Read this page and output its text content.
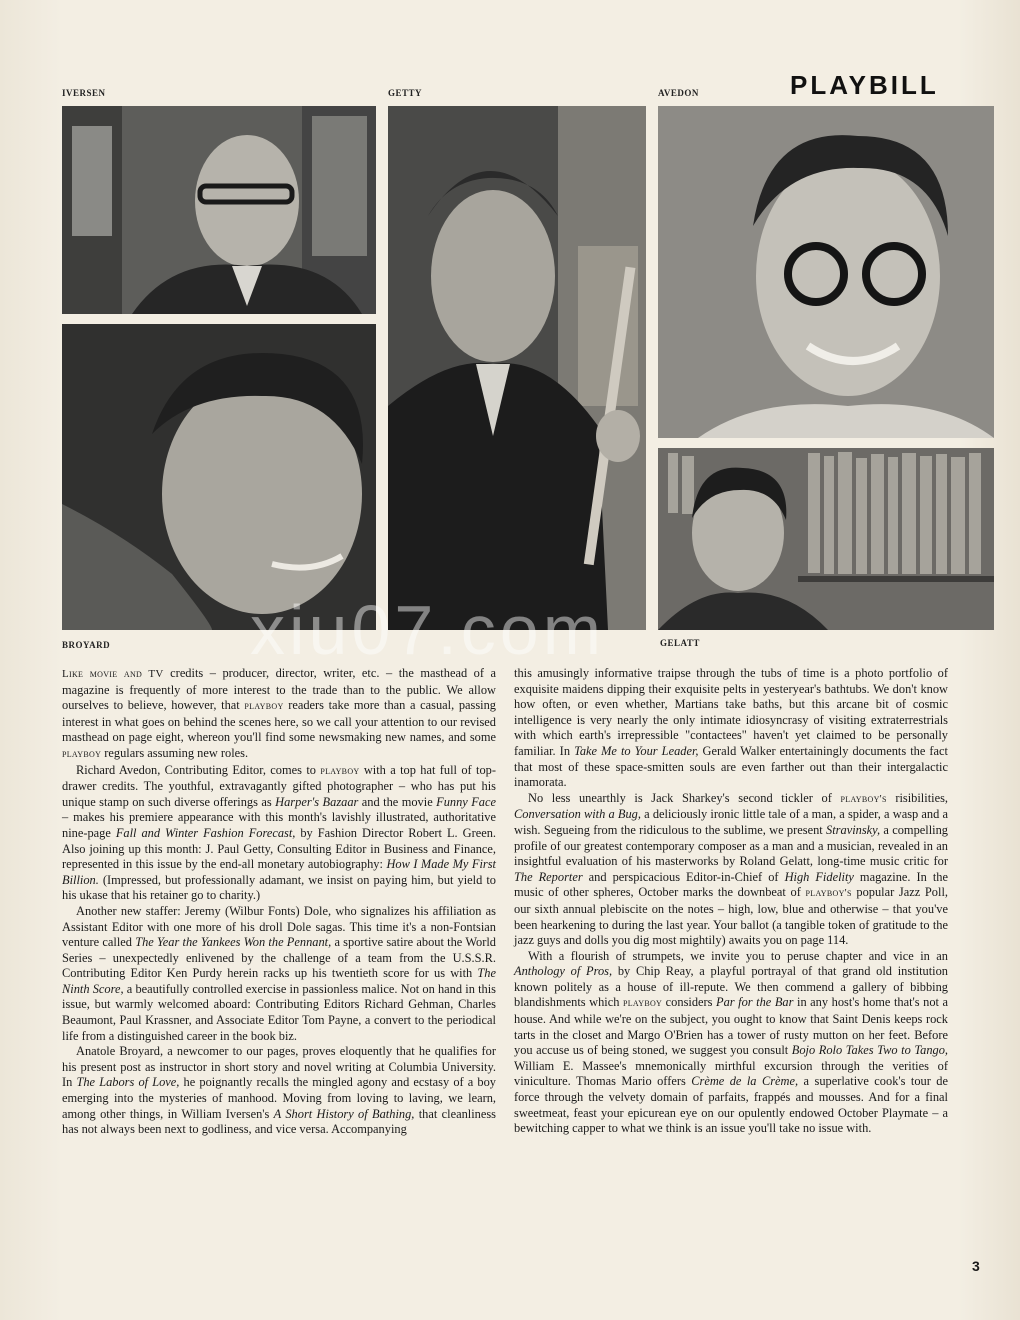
PLAYBILL
IVERSEN	GETTY	AVEDON
BROYARD	GELATT
xiu07.com

Like movie and TV credits – producer, director, writer, etc. – the masthead of a magazine is frequently of more interest to the trade than to the public. We allow ourselves to believe, however, that playboy readers take more than a casual, passing interest in what goes on behind the scenes here, so we call your attention to our revised masthead on page eight, whereon you'll find some newsmaking new names, and some playboy regulars assuming new roles.

Richard Avedon, Contributing Editor, comes to playboy with a top hat full of top-drawer credits. The youthful, extravagantly gifted photographer – who has put his unique stamp on such diverse offerings as Harper's Bazaar and the movie Funny Face – makes his premiere appearance with this month's lavishly illustrated, authoritative nine-page Fall and Winter Fashion Forecast, by Fashion Director Robert L. Green. Also joining up this month: J. Paul Getty, Consulting Editor in Business and Finance, represented in this issue by the end-all monetary autobiography: How I Made My First Billion. (Impressed, but professionally adamant, we insist on paying him, but yield to his ukase that his retainer go to charity.)

Another new staffer: Jeremy (Wilbur Fonts) Dole, who signalizes his affiliation as Assistant Editor with one more of his droll Dole sagas. This time it's a non-Fontsian venture called The Year the Yankees Won the Pennant, a sportive satire about the World Series – unexpectedly enlivened by the challenge of a team from the U.S.S.R. Contributing Editor Ken Purdy herein racks up his twentieth score for us with The Ninth Score, a beautifully controlled exercise in passionless malice. Not on hand in this issue, but warmly welcomed aboard: Contributing Editors Richard Gehman, Charles Beaumont, Paul Krassner, and Associate Editor Tom Payne, a convert to the periodical life from a distinguished career in the book biz.

Anatole Broyard, a newcomer to our pages, proves eloquently that he qualifies for his present post as instructor in short story and novel writing at Columbia University. In The Labors of Love, he poignantly recalls the mingled agony and ecstasy of a boy emerging into the mysteries of manhood. Moving from loving to laving, we learn, among other things, in William Iversen's A Short History of Bathing, that cleanliness has not always been next to godliness, and vice versa. Accompanying

this amusingly informative traipse through the tubs of time is a photo portfolio of exquisite maidens dipping their exquisite pelts in yesteryear's bathtubs. We don't know how often, or even whether, Martians take baths, but this arcane bit of cosmic intelligence is very nearly the only intimate idiosyncrasy of visiting extraterrestrials with which earth's irrepressible "contactees" haven't yet claimed to be personally familiar. In Take Me to Your Leader, Gerald Walker entertainingly documents the fact that most of these space-smitten souls are even farther out than their intergalactic inamorata.

No less unearthly is Jack Sharkey's second tickler of playboy's risibilities, Conversation with a Bug, a deliciously ironic little tale of a man, a spider, a wasp and a wish. Segueing from the ridiculous to the sublime, we present Stravinsky, a compelling profile of our greatest contemporary composer as a man and a musician, revealed in an insightful evaluation of his masterworks by Roland Gelatt, long-time music critic for The Reporter and perspicacious Editor-in-Chief of High Fidelity magazine. In the music of other spheres, October marks the downbeat of playboy's popular Jazz Poll, our sixth annual plebiscite on the notes – high, low, blue and otherwise – that you've been hearkening to during the last year. Your ballot (a tangible token of gratitude to the jazz guys and dolls you dig most mightily) awaits you on page 114.

With a flourish of strumpets, we invite you to peruse chapter and vice in an Anthology of Pros, by Chip Reay, a playful portrayal of that grand old institution known politely as a house of ill-repute. We then commend a gallery of bibbing blandishments which playboy considers Par for the Bar in any host's home that's not a house. And while we're on the subject, you ought to know that Saint Denis keeps rock tarts in the closet and Margo O'Brien has a tower of rusty mutton on her feet. Before you accuse us of being stoned, we suggest you consult Bojo Rolo Takes Two to Tango, William E. Massee's mnemonically mirthful excursion through the verities of viniculture. Thomas Mario offers Crème de la Crème, a superlative cook's tour de force through the velvety domain of parfaits, frappés and mousses. And for a final sweetmeat, feast your epicurean eye on our opulently endowed October Playmate – a bewitching capper to what we think is an issue you'll take no issue with.

3
